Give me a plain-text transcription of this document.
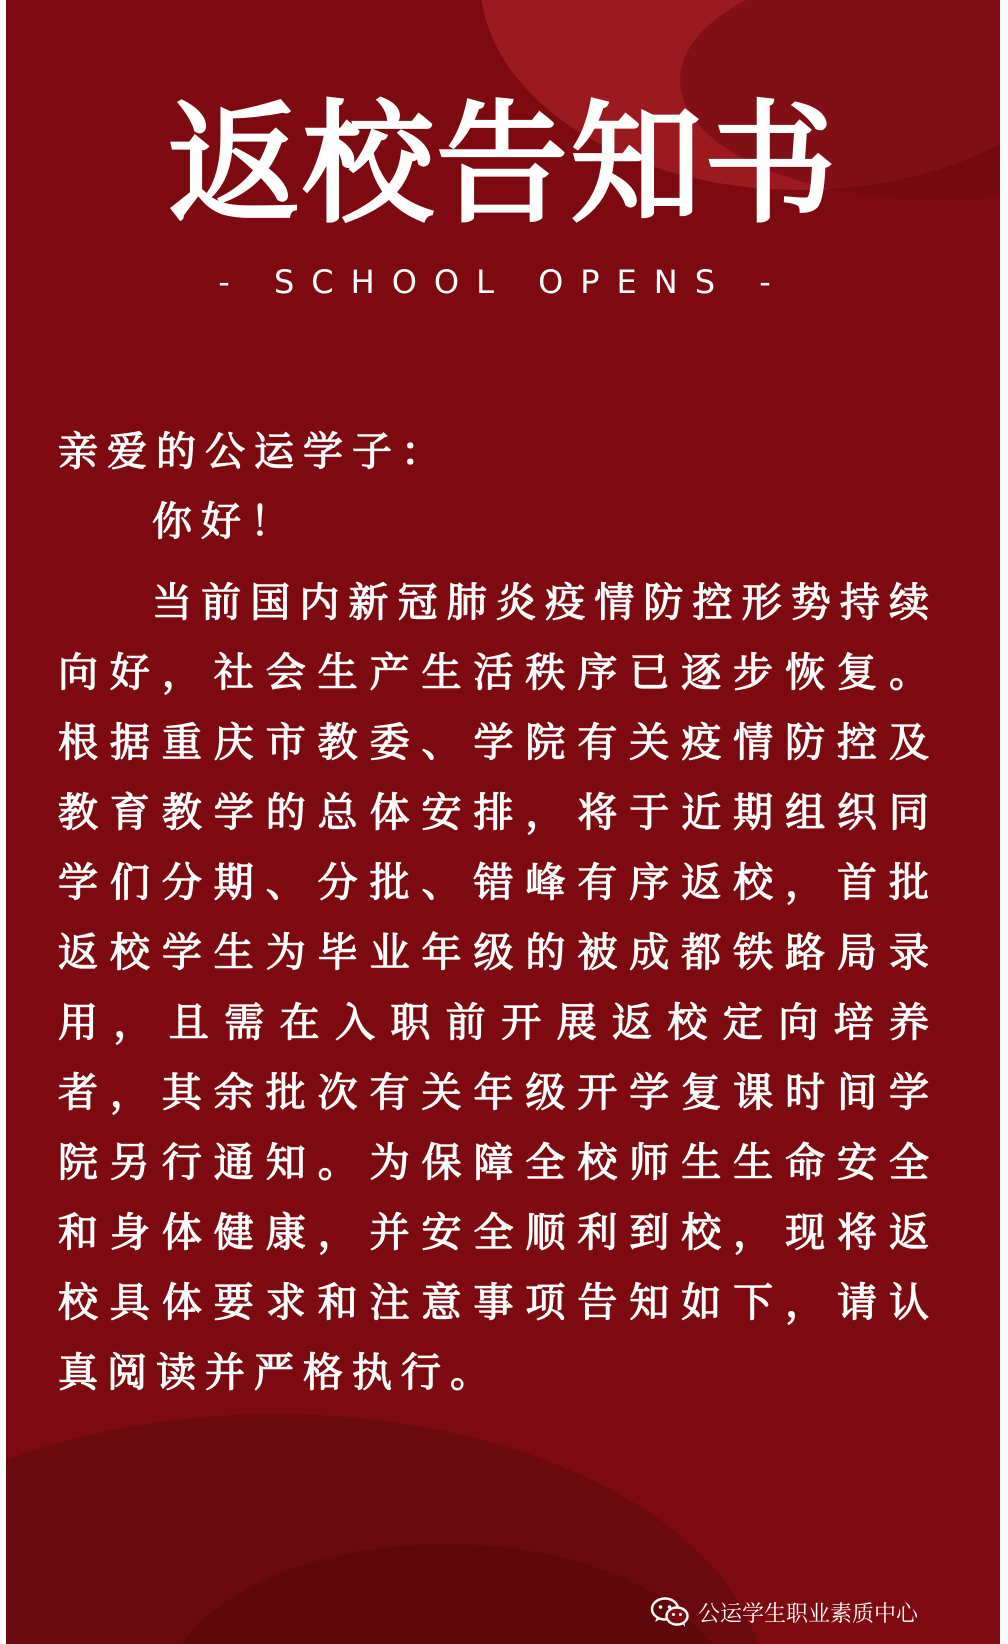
返校告知书
- SCHOOL OPENS -

亲爱的公运学子：

你好！

当前国内新冠肺炎疫情防控形势持续向好，社会生产生活秩序已逐步恢复。根据重庆市教委、学院有关疫情防控及教育教学的总体安排，将于近期组织同学们分期、分批、错峰有序返校，首批返校学生为毕业年级的被成都铁路局录用，且需在入职前开展返校定向培养者，其余批次有关年级开学复课时间学院另行通知。为保障全校师生生命安全和身体健康，并安全顺利到校，现将返校具体要求和注意事项告知如下，请认真阅读并严格执行。

公运学生职业素质中心
